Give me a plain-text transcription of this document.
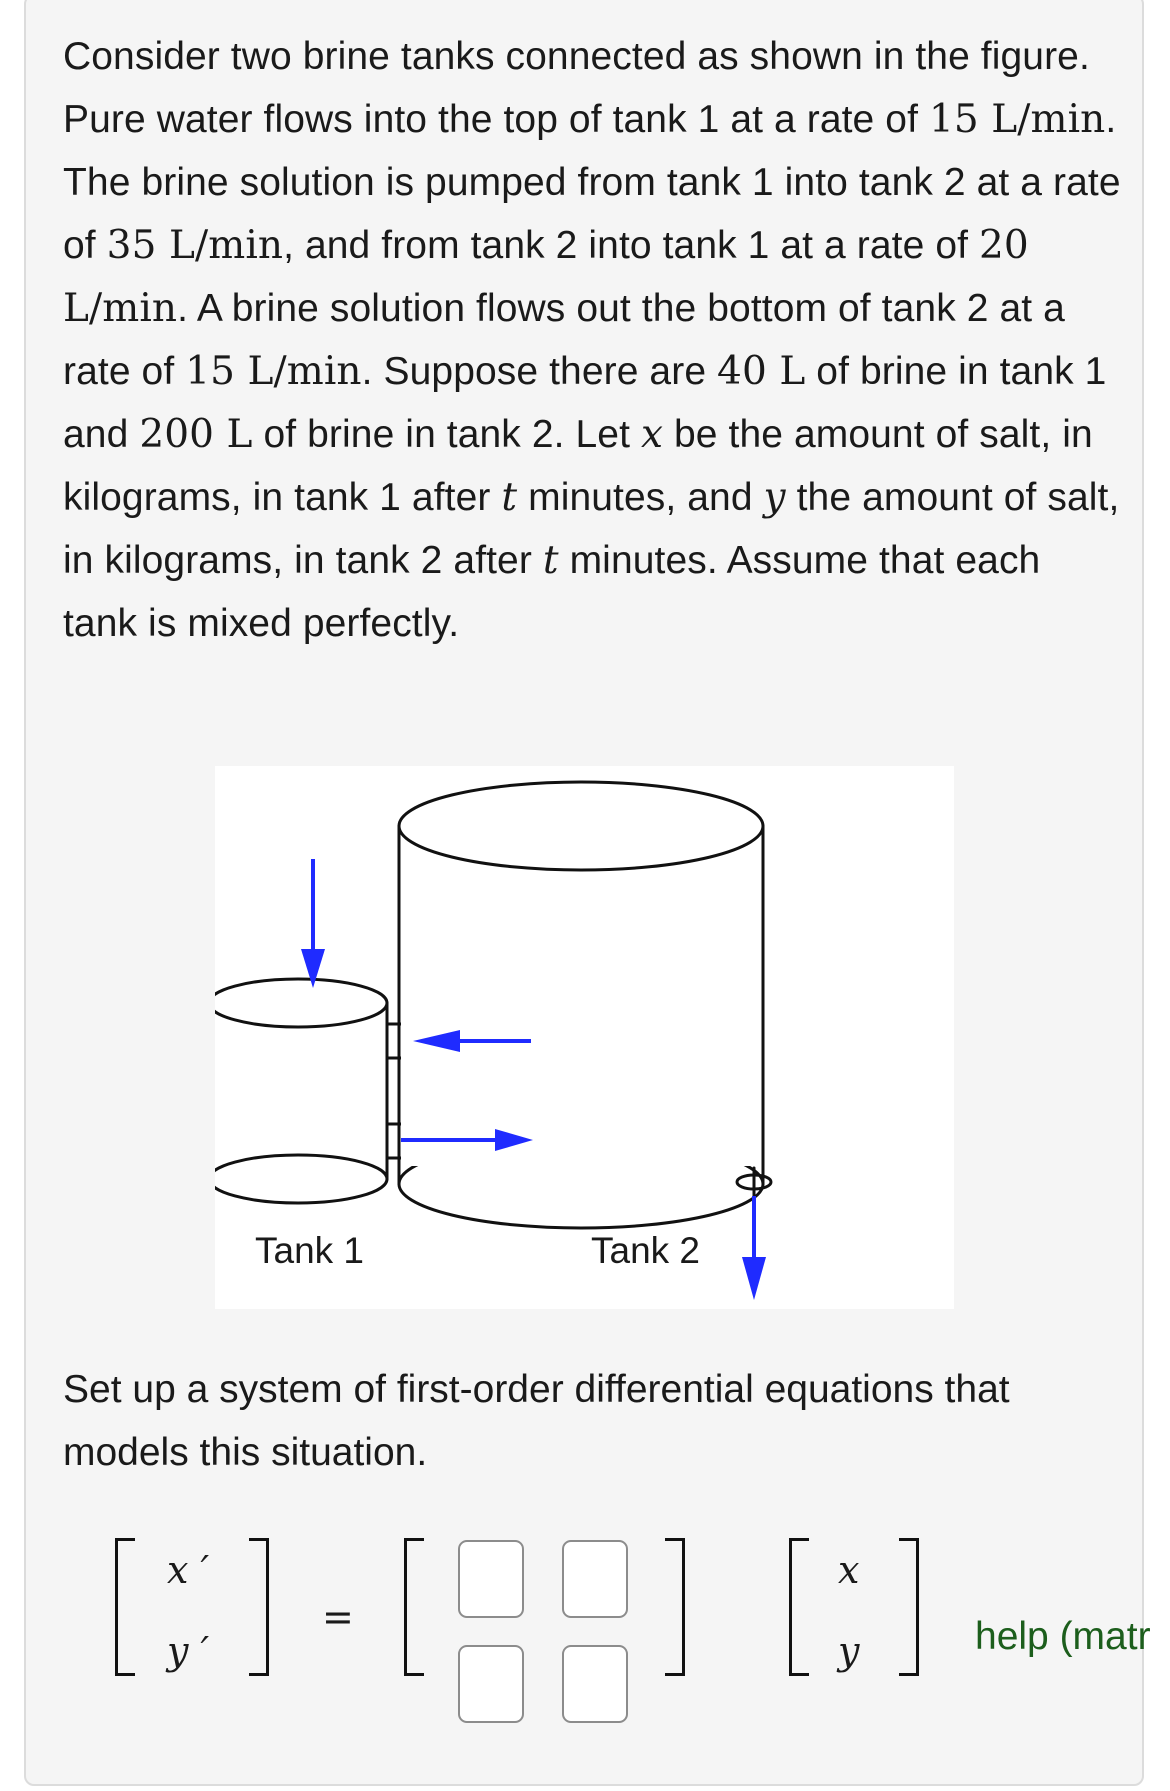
Consider two brine tanks connected as shown in the figure. Pure water flows into the top of tank 1 at a rate of 15 L/min. The brine solution is pumped from tank 1 into tank 2 at a rate of 35 L/min, and from tank 2 into tank 1 at a rate of 20 L/min. A brine solution flows out the bottom of tank 2 at a rate of 15 L/min. Suppose there are 40 L of brine in tank 1 and 200 L of brine in tank 2. Let x be the amount of salt, in kilograms, in tank 1 after t minutes, and y the amount of salt, in kilograms, in tank 2 after t minutes. Assume that each tank is mixed perfectly.
Tank 1	Tank 2
Set up a system of first-order differential equations that models this situation.
x ′
y ′
=
x
y	help (matr
